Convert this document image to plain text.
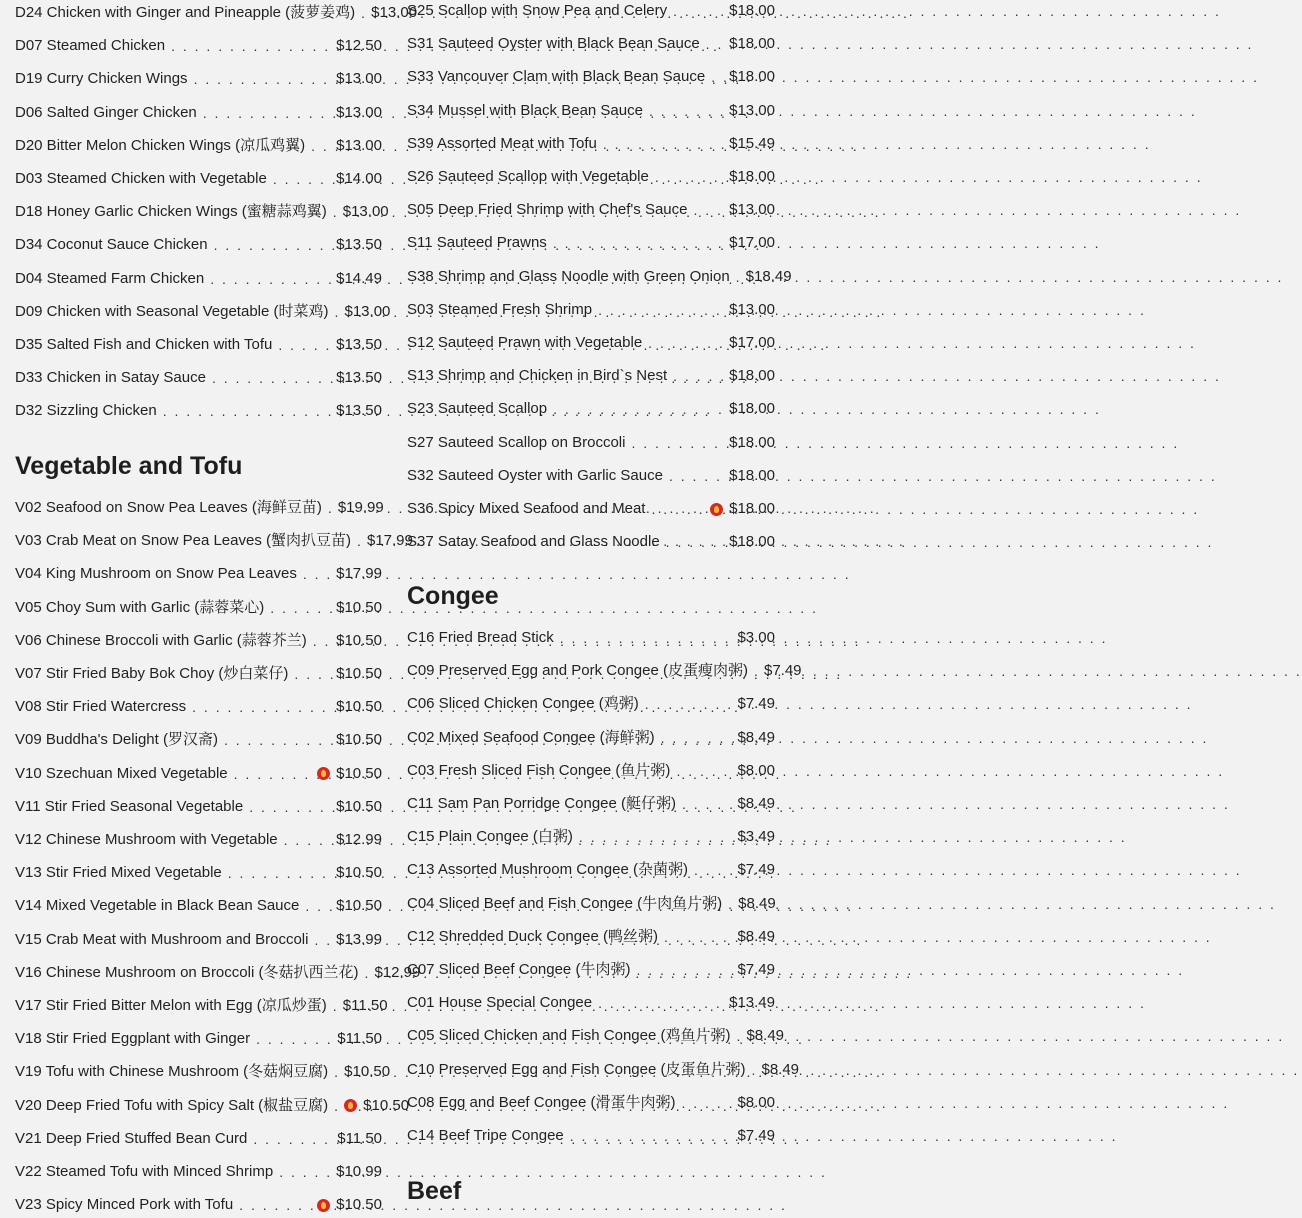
D24 Chicken with Ginger and Pineapple (菠萝姜鸡) . . . $13.00
D07 Steamed Chicken . . .	$12.50
D19 Curry Chicken Wings . . .	$13.00
D06 Salted Ginger Chicken . . .	$13.00
D20 Bitter Melon Chicken Wings (凉瓜鸡翼) . . . $13.00
D03 Steamed Chicken with Vegetable . . .	$14.00
D18 Honey Garlic Chicken Wings (蜜糖蒜鸡翼) . . . $13.00
D34 Coconut Sauce Chicken . . .	$13.50
D04 Steamed Farm Chicken . . .	$14.49
D09 Chicken with Seasonal Vegetable (时菜鸡) . . . $13.00
D35 Salted Fish and Chicken with Tofu . . .	$13.50
D33 Chicken in Satay Sauce . . .	$13.50
D32 Sizzling Chicken . . .	$13.50
Vegetable and Tofu
V02 Seafood on Snow Pea Leaves (海鲜豆苗) . . . $19.99
V03 Crab Meat on Snow Pea Leaves (蟹肉扒豆苗) . . . $17.99
V04 King Mushroom on Snow Pea Leaves . . .	$17.99
V05 Choy Sum with Garlic (蒜蓉菜心) . . .	$10.50
V06 Chinese Broccoli with Garlic (蒜蓉芥兰) . . . $10.50
V07 Stir Fried Baby Bok Choy (炒白菜仔) . . .	$10.50
V08 Stir Fried Watercress . . .	$10.50
V09 Buddha's Delight (罗汉斋) . . .	$10.50
V10 Szechuan Mixed Vegetable . . .	$10.50
V11 Stir Fried Seasonal Vegetable . . .	$10.50
V12 Chinese Mushroom with Vegetable . . .	$12.99
V13 Stir Fried Mixed Vegetable . . .	$10.50
V14 Mixed Vegetable in Black Bean Sauce . . . $10.50
V15 Crab Meat with Mushroom and Broccoli . . . $13.99
V16 Chinese Mushroom on Broccoli (冬菇扒西兰花) . . . $12.99
V17 Stir Fried Bitter Melon with Egg (凉瓜炒蛋) . . . $11.50
V18 Stir Fried Eggplant with Ginger . . .	$11.50
V19 Tofu with Chinese Mushroom (冬菇焖豆腐) . . . $10.50
V20 Deep Fried Tofu with Spicy Salt (椒盐豆腐) . . . $10.50
V21 Deep Fried Stuffed Bean Curd . . .	$11.50
V22 Steamed Tofu with Minced Shrimp . . .	$10.99
V23 Spicy Minced Pork with Tofu . . .	$10.50
S25 Scallop with Snow Pea and Celery . . .	$18.00
S31 Sauteed Oyster with Black Bean Sauce . . . $18.00
S33 Vancouver Clam with Black Bean Sauce . . . $18.00
S34 Mussel with Black Bean Sauce . . .	$13.00
S39 Assorted Meat with Tofu . . .	$15.49
S26 Sauteed Scallop with Vegetable . . .	$18.00
S05 Deep Fried Shrimp with Chef's Sauce . . .	$13.00
S11 Sauteed Prawns . . .	$17.00
S38 Shrimp and Glass Noodle with Green Onion . . . $18.49
S03 Steamed Fresh Shrimp . . .	$13.00
S12 Sauteed Prawn with Vegetable . . .	$17.00
S13 Shrimp and Chicken in Bird`s Nest . . .	$18.00
S23 Sauteed Scallop . . .	$18.00
S27 Sauteed Scallop on Broccoli . . .	$18.00
S32 Sauteed Oyster with Garlic Sauce . . .	$18.00
S36 Spicy Mixed Seafood and Meat . . .	$18.00
S37 Satay Seafood and Glass Noodle . . .	$18.00
Congee
C16 Fried Bread Stick . . .	$3.00
C09 Preserved Egg and Pork Congee (皮蛋瘦肉粥) . . . $7.49
C06 Sliced Chicken Congee (鸡粥) . . .	$7.49
C02 Mixed Seafood Congee (海鲜粥) . . .	$8.49
C03 Fresh Sliced Fish Congee (鱼片粥) . . .	$8.00
C11 Sam Pan Porridge Congee (艇仔粥) . . .	$8.49
C15 Plain Congee (白粥) . . .	$3.49
C13 Assorted Mushroom Congee (杂菌粥) . . .	$7.49
C04 Sliced Beef and Fish Congee (牛肉鱼片粥) . . . $8.49
C12 Shredded Duck Congee (鸭丝粥) . . .	$8.49
C07 Sliced Beef Congee (牛肉粥) . . .	$7.49
C01 House Special Congee . . .	$13.49
C05 Sliced Chicken and Fish Congee (鸡鱼片粥) . . . $8.49
C10 Preserved Egg and Fish Congee (皮蛋鱼片粥) . . . $8.49
C08 Egg and Beef Congee (滑蛋牛肉粥) . . .	$8.00
C14 Beef Tripe Congee . . .	$7.49
Beef
